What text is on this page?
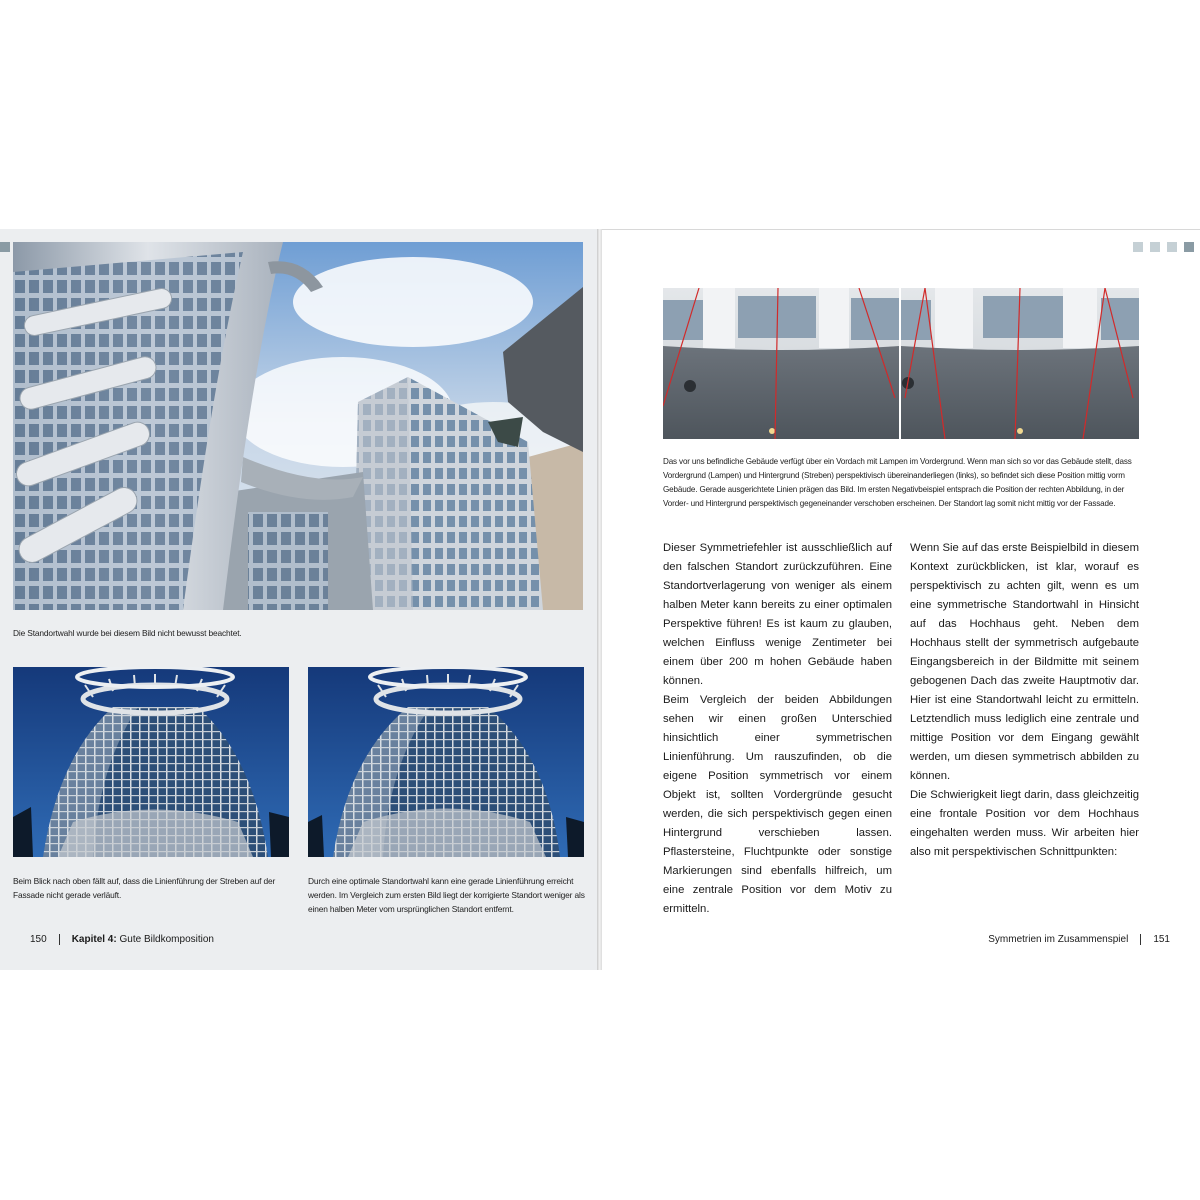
Die Standortwahl wurde bei diesem Bild nicht bewusst beachtet.
Beim Blick nach oben fällt auf, dass die Linienführung der Streben auf der Fassade nicht gerade verläuft.
Durch eine optimale Standortwahl kann eine gerade Linienführung erreicht werden. Im Vergleich zum ersten Bild liegt der korrigierte Standort weniger als einen halben Meter vom ursprünglichen Standort entfernt.
150	Kapitel 4: Gute Bildkomposition
Das vor uns befindliche Gebäude verfügt über ein Vordach mit Lampen im Vordergrund. Wenn man sich so vor das Gebäude stellt, dass Vordergrund (Lampen) und Hintergrund (Streben) perspektivisch übereinanderliegen (links), so befindet sich diese Position mittig vorm Gebäude. Gerade ausgerichtete Linien prägen das Bild. Im ersten Negativbeispiel entsprach die Position der rechten Abbildung, in der Vorder- und Hintergrund perspektivisch gegeneinander verschoben erscheinen. Der Standort lag somit nicht mittig vor der Fassade.

Dieser Symmetriefehler ist ausschließlich auf den falschen Standort zurückzuführen. Eine Standortverlagerung von weniger als einem halben Meter kann bereits zu einer optimalen Perspektive führen! Es ist kaum zu glauben, welchen Einfluss wenige Zentimeter bei einem über 200 m hohen Gebäude haben können.

Beim Vergleich der beiden Abbildungen sehen wir einen großen Unterschied hinsichtlich einer symmetrischen Linienführung. Um rauszufinden, ob die eigene Position symmetrisch vor einem Objekt ist, sollten Vordergründe gesucht werden, die sich perspektivisch gegen einen Hintergrund verschieben lassen. Pflastersteine, Fluchtpunkte oder sonstige Markierungen sind ebenfalls hilfreich, um eine zentrale Position vor dem Motiv zu ermitteln.

Wenn Sie auf das erste Beispielbild in diesem Kontext zurückblicken, ist klar, worauf es perspektivisch zu achten gilt, wenn es um eine symmetrische Standortwahl in Hinsicht auf das Hochhaus geht. Neben dem Hochhaus stellt der symmetrisch aufgebaute Eingangsbereich in der Bildmitte mit seinem gebogenen Dach das zweite Hauptmotiv dar. Hier ist eine Standortwahl leicht zu ermitteln. Letztendlich muss lediglich eine zentrale und mittige Position vor dem Eingang gewählt werden, um diesen symmetrisch abbilden zu können.

Die Schwierigkeit liegt darin, dass gleichzeitig eine frontale Position vor dem Hochhaus eingehalten werden muss. Wir arbeiten hier also mit perspektivischen Schnittpunkten:

Symmetrien im Zusammenspiel	151
